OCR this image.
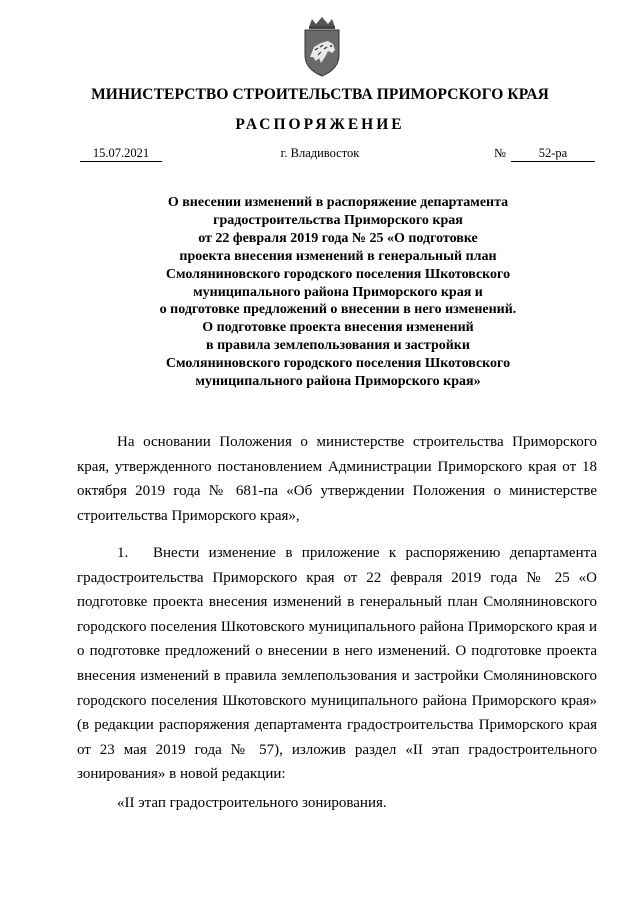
МИНИСТЕРСТВО СТРОИТЕЛЬСТВА ПРИМОРСКОГО КРАЯ
РАСПОРЯЖЕНИЕ
15.07.2021	г. Владивосток	№	52-ра
О внесении изменений в распоряжение департамента
градостроительства Приморского края
от 22 февраля 2019 года № 25 «О подготовке
проекта внесения изменений в генеральный план
Смоляниновского городского поселения Шкотовского
муниципального района Приморского края и
о подготовке предложений о внесении в него изменений.
О подготовке проекта внесения изменений
в правила землепользования и застройки
Смоляниновского городского поселения Шкотовского
муниципального района Приморского края»
На основании Положения о министерстве строительства Приморского края, утвержденного постановлением Администрации Приморского края от 18 октября 2019 года № 681-па «Об утверждении Положения о министерстве строительства Приморского края»,
1. Внести изменение в приложение к распоряжению департамента градостроительства Приморского края от 22 февраля 2019 года № 25 «О подготовке проекта внесения изменений в генеральный план Смоляниновского городского поселения Шкотовского муниципального района Приморского края и о подготовке предложений о внесении в него изменений. О подготовке проекта внесения изменений в правила землепользования и застройки Смоляниновского городского поселения Шкотовского муниципального района Приморского края» (в редакции распоряжения департамента градостроительства Приморского края от 23 мая 2019 года № 57), изложив раздел «II этап градостроительного зонирования» в новой редакции:
«II этап градостроительного зонирования.
